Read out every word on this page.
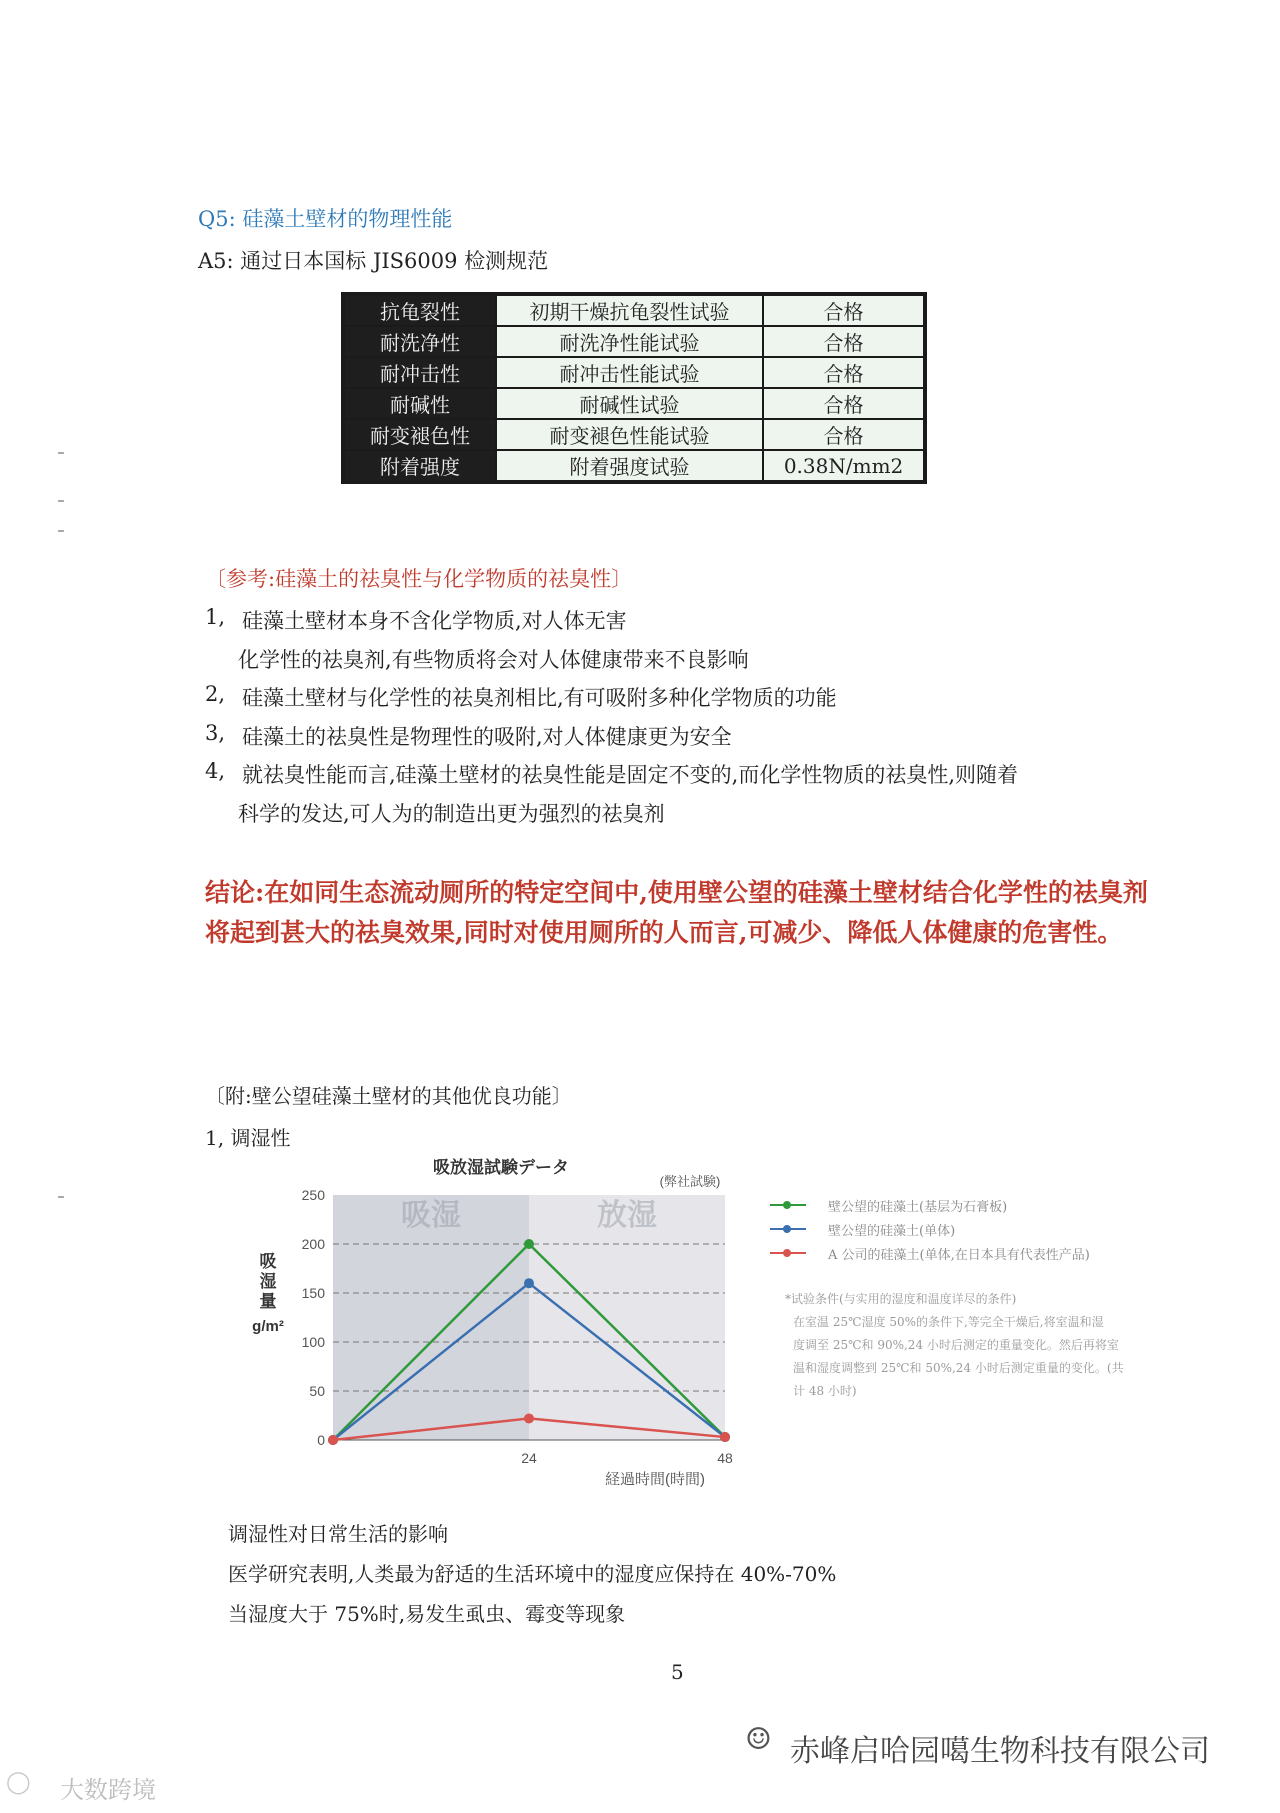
Q5: 硅藻土壁材的物理性能
A5: 通过日本国标 JIS6009 检测规范
抗龟裂性	初期干燥抗龟裂性试验	合格
耐洗净性	耐洗净性能试验	合格
耐冲击性	耐冲击性能试验	合格
耐碱性	耐碱性试验	合格
耐变褪色性	耐变褪色性能试验	合格
附着强度	附着强度试验	0.38N/mm2
〔参考:硅藻土的祛臭性与化学物质的祛臭性〕
1, 硅藻土壁材本身不含化学物质,对人体无害
化学性的祛臭剂,有些物质将会对人体健康带来不良影响
2, 硅藻土壁材与化学性的祛臭剂相比,有可吸附多种化学物质的功能
3, 硅藻土的祛臭性是物理性的吸附,对人体健康更为安全
4, 就祛臭性能而言,硅藻土壁材的祛臭性能是固定不变的,而化学性物质的祛臭性,则随着
科学的发达,可人为的制造出更为强烈的祛臭剂
结论:在如同生态流动厕所的特定空间中,使用壁公望的硅藻土壁材结合化学性的祛臭剂将起到甚大的祛臭效果,同时对使用厕所的人而言,可减少、降低人体健康的危害性。
〔附:壁公望硅藻土壁材的其他优良功能〕
1, 调湿性
吸放湿試験データ
(弊社試験)
吸湿	放湿
0
50
100
150
200
250
24	48
経過時間(時間)
吸
湿
量
g/m²
壁公望的硅藻土(基层为石膏板)
壁公望的硅藻土(单体)
A 公司的硅藻土(单体,在日本具有代表性产品)
*试验条件(与实用的湿度和温度详尽的条件)
在室温 25℃湿度 50%的条件下,等完全干燥后,将室温和湿
度调至 25℃和 90%,24 小时后测定的重量变化。然后再将室
温和湿度调整到 25℃和 50%,24 小时后测定重量的变化。(共
计 48 小时)
调湿性对日常生活的影响
医学研究表明,人类最为舒适的生活环境中的湿度应保持在 40%-70%
当湿度大于 75%时,易发生虱虫、霉变等现象
5
☺ 赤峰启哈园噶生物科技有限公司
◯ 大数跨境
